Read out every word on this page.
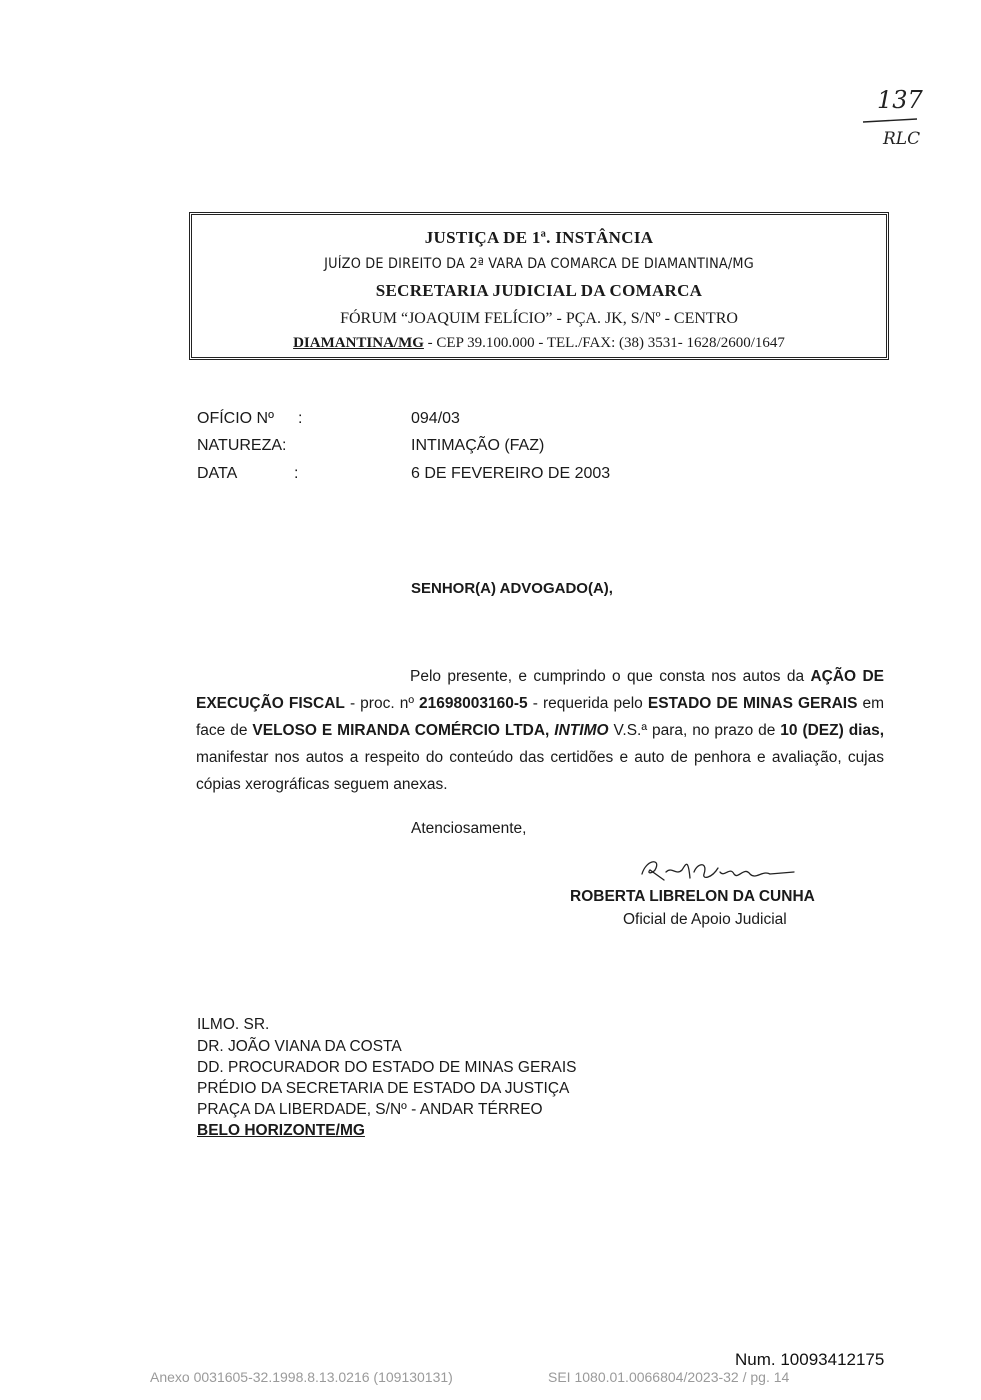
137
RLC
JUSTIÇA DE 1ª. INSTÂNCIA
JUÍZO DE DIREITO DA 2ª VARA DA COMARCA DE DIAMANTINA/MG
SECRETARIA JUDICIAL DA COMARCA
FÓRUM “JOAQUIM FELÍCIO” - PÇA. JK, S/Nº - CENTRO
DIAMANTINA/MG - CEP 39.100.000 - TEL./FAX: (38) 3531- 1628/2600/1647
OFÍCIO Nº :	094/03
NATUREZA:	INTIMAÇÃO (FAZ)
DATA	:	6 DE FEVEREIRO DE 2003
SENHOR(A) ADVOGADO(A),
Pelo presente, e cumprindo o que consta nos autos da AÇÃO DE EXECUÇÃO FISCAL - proc. nº 21698003160-5 - requerida pelo ESTADO DE MINAS GERAIS em face de VELOSO E MIRANDA COMÉRCIO LTDA, INTIMO V.S.ª para, no prazo de 10 (DEZ) dias, manifestar nos autos a respeito do conteúdo das certidões e auto de penhora e avaliação, cujas cópias xerográficas seguem anexas.
Atenciosamente,
ROBERTA LIBRELON DA CUNHA
Oficial de Apoio Judicial
ILMO. SR.
DR. JOÃO VIANA DA COSTA
DD. PROCURADOR DO ESTADO DE MINAS GERAIS
PRÉDIO DA SECRETARIA DE ESTADO DA JUSTIÇA
PRAÇA DA LIBERDADE, S/Nº - ANDAR TÉRREO
BELO HORIZONTE/MG
Num. 10093412175
Anexo 0031605-32.1998.8.13.0216 (109130131)	SEI 1080.01.0066804/2023-32 / pg. 14
